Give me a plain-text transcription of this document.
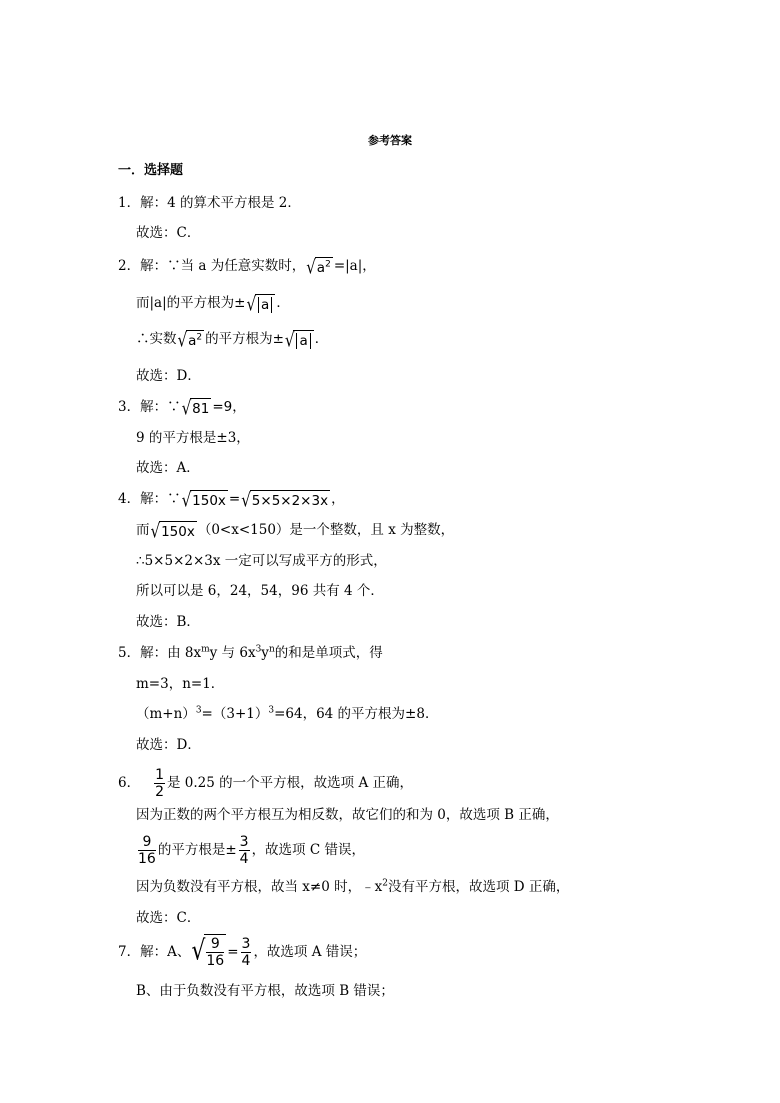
参考答案
一．选择题
1．解：4 的算术平方根是 2．
故选：C．
2．解：∵当 a 为任意实数时， √ $a^2 =|a|$，
而|a|的平方根为± √ a ．
∴实数 √ $a^2$ 的平方根为± √ a ．
故选：D．
3．解：∵ √ 81 =9，
9 的平方根是±3，
故选：A．
4．解：∵ √ 150x = √ 5×5×2×3x ，
而 √ 150x （0<x<150）是一个整数，且 x 为整数，
∴5×5×2×3x 一定可以写成平方的形式，
所以可以是 6，24，54，96 共有 4 个．
故选：B．
5．解：由 $8x^my$ 与 $6x^3y^n$的和是单项式，得
m=3，n=1．
$(m+n)^3=(3+1)^3=64$，64 的平方根为±8．
故选：D．
6． $\frac{1}{2}$ 是 0.25 的一个平方根，故选项 A 正确，
因为正数的两个平方根互为相反数，故它们的和为 0，故选项 B 正确，
$\frac{9}{16}$ 的平方根是 ± $\frac{3}{4}$ ，故选项 C 错误，
因为负数没有平方根，故当 x≠0 时，$﹣x^2$没有平方根，故选项 D 正确，
故选：C．
7． 解：A、 √ $\frac{9}{16} = \frac{3}{4}$ ，故选项 A 错误；
B、由于负数没有平方根，故选项 B 错误；
